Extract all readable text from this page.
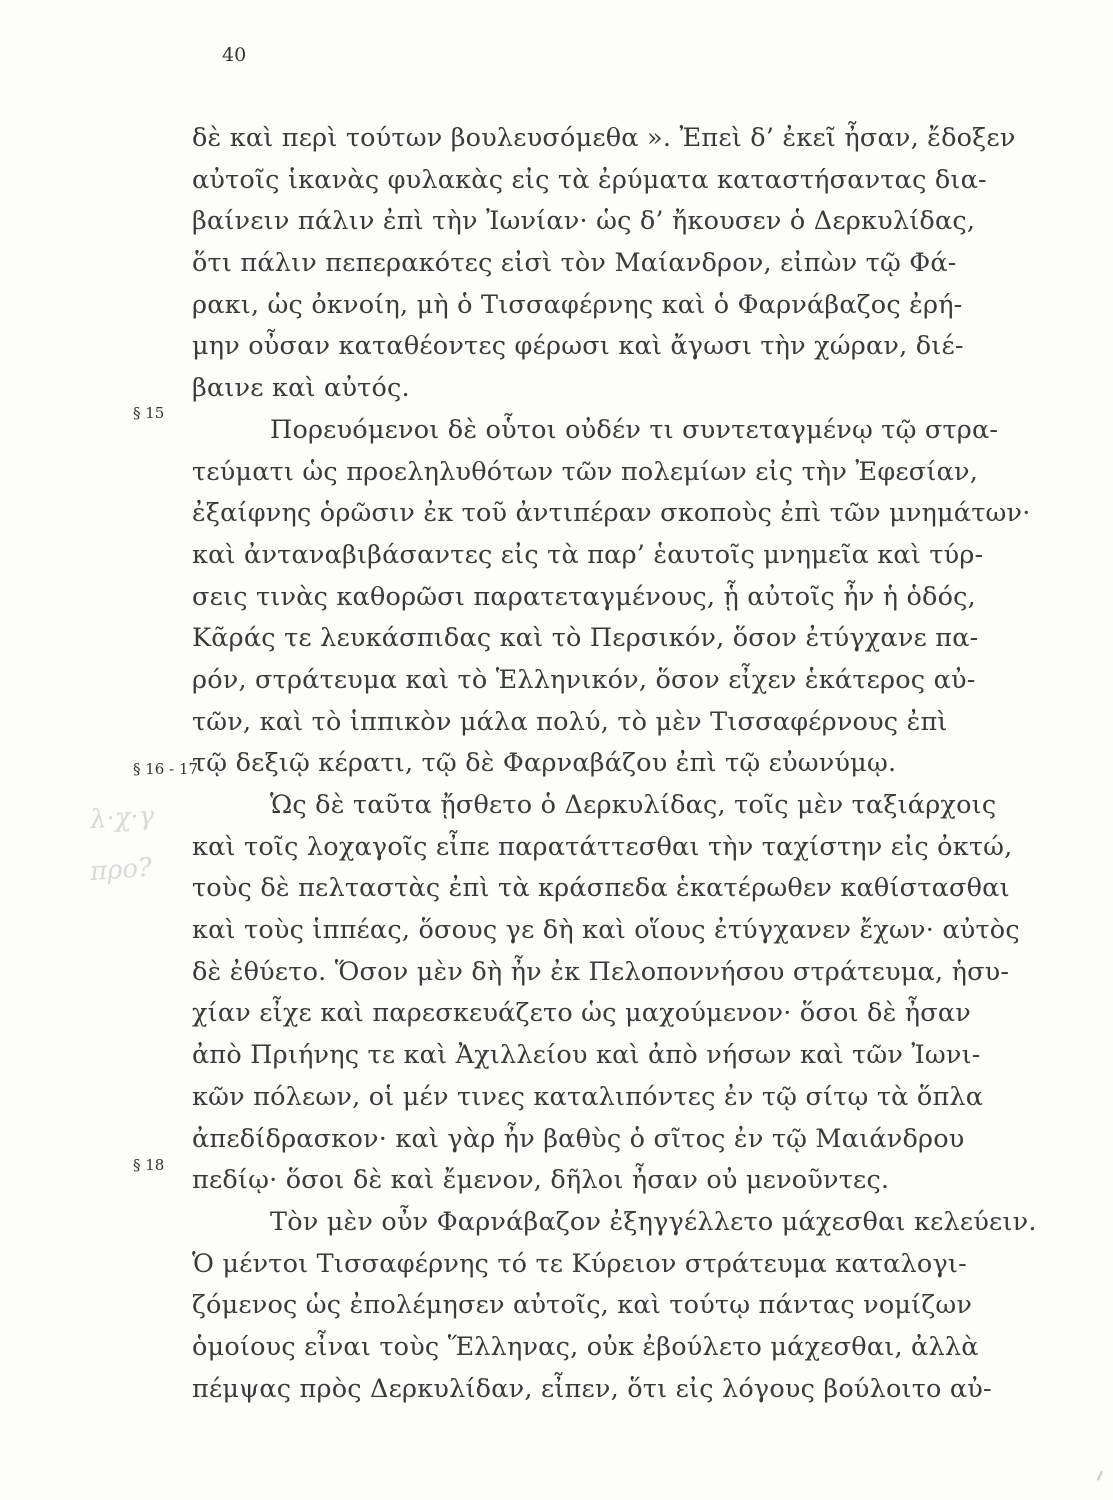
40
§ 15
§ 16 - 17
§ 18
λ·χ·γ
προ?
δὲ καὶ περὶ τούτων βουλευσόμεθα ». Ἐπεὶ δ’ ἐκεῖ ἦσαν, ἔδοξεν
αὐτοῖς ἱκανὰς φυλακὰς εἰς τὰ ἐρύματα καταστήσαντας δια-
βαίνειν πάλιν ἐπὶ τὴν Ἰωνίαν· ὡς δ’ ἤκουσεν ὁ Δερκυλίδας,
ὅτι πάλιν πεπερακότες εἰσὶ τὸν Μαίανδρον, εἰπὼν τῷ Φά-
ρακι, ὡς ὀκνοίη, μὴ ὁ Τισσαφέρνης καὶ ὁ Φαρνάβαζος ἐρή-
μην οὖσαν καταθέοντες φέρωσι καὶ ἄγωσι τὴν χώραν, διέ-
βαινε καὶ αὐτός.
Πορευόμενοι δὲ οὗτοι οὐδέν τι συντεταγμένῳ τῷ στρα-
τεύματι ὡς προεληλυθότων τῶν πολεμίων εἰς τὴν Ἐφεσίαν,
ἐξαίφνης ὁρῶσιν ἐκ τοῦ ἀντιπέραν σκοποὺς ἐπὶ τῶν μνημάτων·
καὶ ἀνταναβιβάσαντες εἰς τὰ παρ’ ἑαυτοῖς μνημεῖα καὶ τύρ-
σεις τινὰς καθορῶσι παρατεταγμένους, ᾗ αὐτοῖς ἦν ἡ ὁδός,
Κᾶράς τε λευκάσπιδας καὶ τὸ Περσικόν, ὅσον ἐτύγχανε πα-
ρόν, στράτευμα καὶ τὸ Ἑλληνικόν, ὅσον εἶχεν ἑκάτερος αὐ-
τῶν, καὶ τὸ ἱππικὸν μάλα πολύ, τὸ μὲν Τισσαφέρνους ἐπὶ
τῷ δεξιῷ κέρατι, τῷ δὲ Φαρναβάζου ἐπὶ τῷ εὐωνύμῳ.
Ὡς δὲ ταῦτα ᾔσθετο ὁ Δερκυλίδας, τοῖς μὲν ταξιάρχοις
καὶ τοῖς λοχαγοῖς εἶπε παρατάττεσθαι τὴν ταχίστην εἰς ὀκτώ,
τοὺς δὲ πελταστὰς ἐπὶ τὰ κράσπεδα ἑκατέρωθεν καθίστασθαι
καὶ τοὺς ἱππέας, ὅσους γε δὴ καὶ οἵους ἐτύγχανεν ἔχων· αὐτὸς
δὲ ἐθύετο. Ὅσον μὲν δὴ ἦν ἐκ Πελοποννήσου στράτευμα, ἡσυ-
χίαν εἶχε καὶ παρεσκευάζετο ὡς μαχούμενον· ὅσοι δὲ ἦσαν
ἀπὸ Πριήνης τε καὶ Ἀχιλλείου καὶ ἀπὸ νήσων καὶ τῶν Ἰωνι-
κῶν πόλεων, οἱ μέν τινες καταλιπόντες ἐν τῷ σίτῳ τὰ ὅπλα
ἀπεδίδρασκον· καὶ γὰρ ἦν βαθὺς ὁ σῖτος ἐν τῷ Μαιάνδρου
πεδίῳ· ὅσοι δὲ καὶ ἔμενον, δῆλοι ἦσαν οὐ μενοῦντες.
Τὸν μὲν οὖν Φαρνάβαζον ἐξηγγέλλετο μάχεσθαι κελεύειν.
Ὁ μέντοι Τισσαφέρνης τό τε Κύρειον στράτευμα καταλογι-
ζόμενος ὡς ἐπολέμησεν αὐτοῖς, καὶ τούτῳ πάντας νομίζων
ὁμοίους εἶναι τοὺς Ἕλληνας, οὐκ ἐβούλετο μάχεσθαι, ἀλλὰ
πέμψας πρὸς Δερκυλίδαν, εἶπεν, ὅτι εἰς λόγους βούλοιτο αὐ-
